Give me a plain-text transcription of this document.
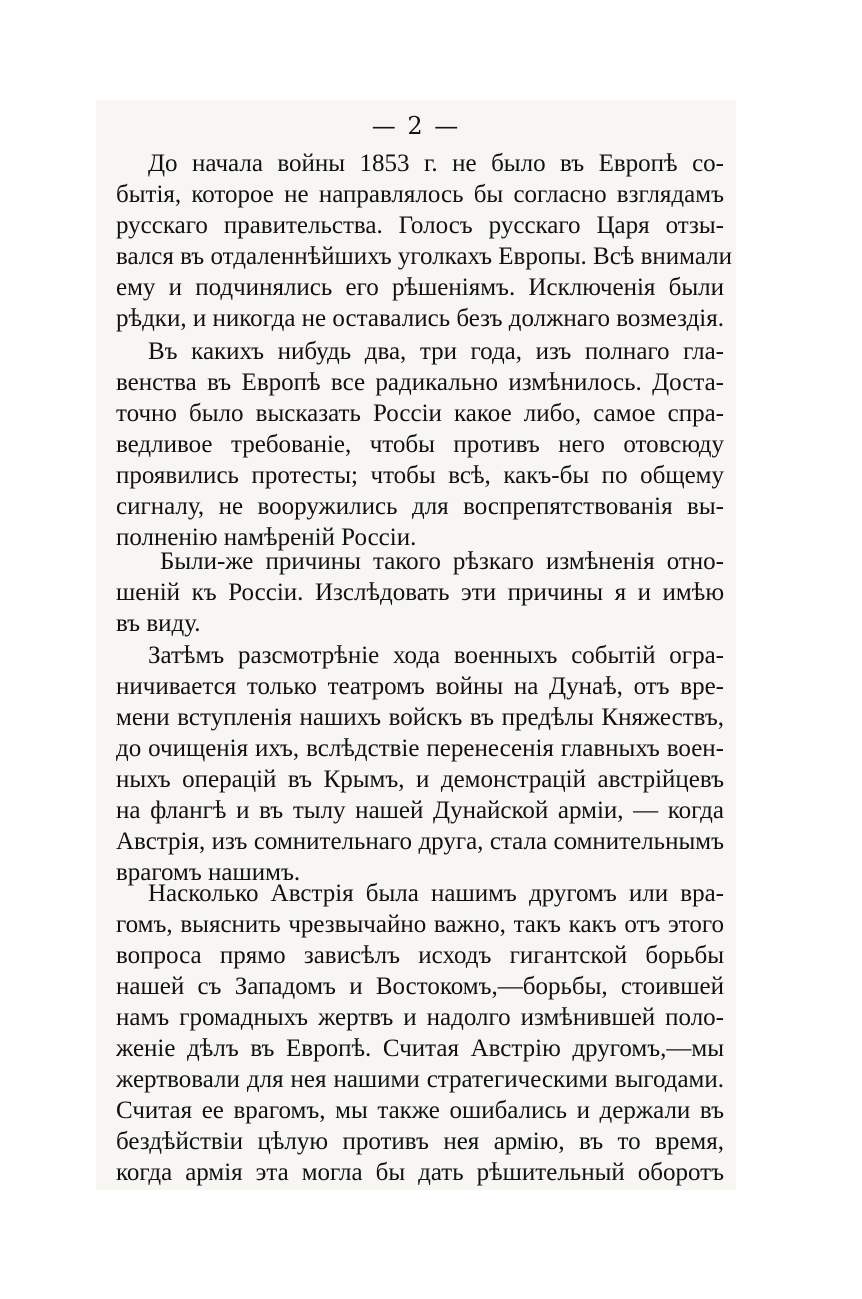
— 2 —
До начала войны 1853 г. не было въ Европѣ со-
бытія, которое не направлялось бы согласно взглядамъ
русскаго правительства. Голосъ русскаго Царя отзы-
вался въ отдаленнѣйшихъ уголкахъ Европы. Всѣ внимали
ему и подчинялись его рѣшеніямъ. Исключенія были
рѣдки, и никогда не оставались безъ должнаго возмездія.
Въ какихъ нибудь два, три года, изъ полнаго гла-
венства въ Европѣ все радикально измѣнилось. Доста-
точно было высказать Россіи какое либо, самое спра-
ведливое требованіе, чтобы противъ него отовсюду
проявились протесты; чтобы всѣ, какъ-бы по общему
сигналу, не вооружились для воспрепятствованія вы-
полненію намѣреній Россіи.
Были-же причины такого рѣзкаго измѣненія отно-
шеній къ Россіи. Изслѣдовать эти причины я и имѣю
въ виду.
Затѣмъ разсмотрѣніе хода военныхъ событій огра-
ничивается только театромъ войны на Дунаѣ, отъ вре-
мени вступленія нашихъ войскъ въ предѣлы Княжествъ,
до очищенія ихъ, вслѣдствіе перенесенія главныхъ воен-
ныхъ операцій въ Крымъ, и демонстрацій австрійцевъ
на флангѣ и въ тылу нашей Дунайской арміи, — когда
Австрія, изъ сомнительнаго друга, стала сомнительнымъ
врагомъ нашимъ.
Насколько Австрія была нашимъ другомъ или вра-
гомъ, выяснить чрезвычайно важно, такъ какъ отъ этого
вопроса прямо зависѣлъ исходъ гигантской борьбы
нашей съ Западомъ и Востокомъ,—борьбы, стоившей
намъ громадныхъ жертвъ и надолго измѣнившей поло-
женіе дѣлъ въ Европѣ. Считая Австрію другомъ,—мы
жертвовали для нея нашими стратегическими выгодами.
Считая ее врагомъ, мы также ошибались и держали въ
бездѣйствіи цѣлую противъ нея армію, въ то время,
когда армія эта могла бы дать рѣшительный оборотъ
